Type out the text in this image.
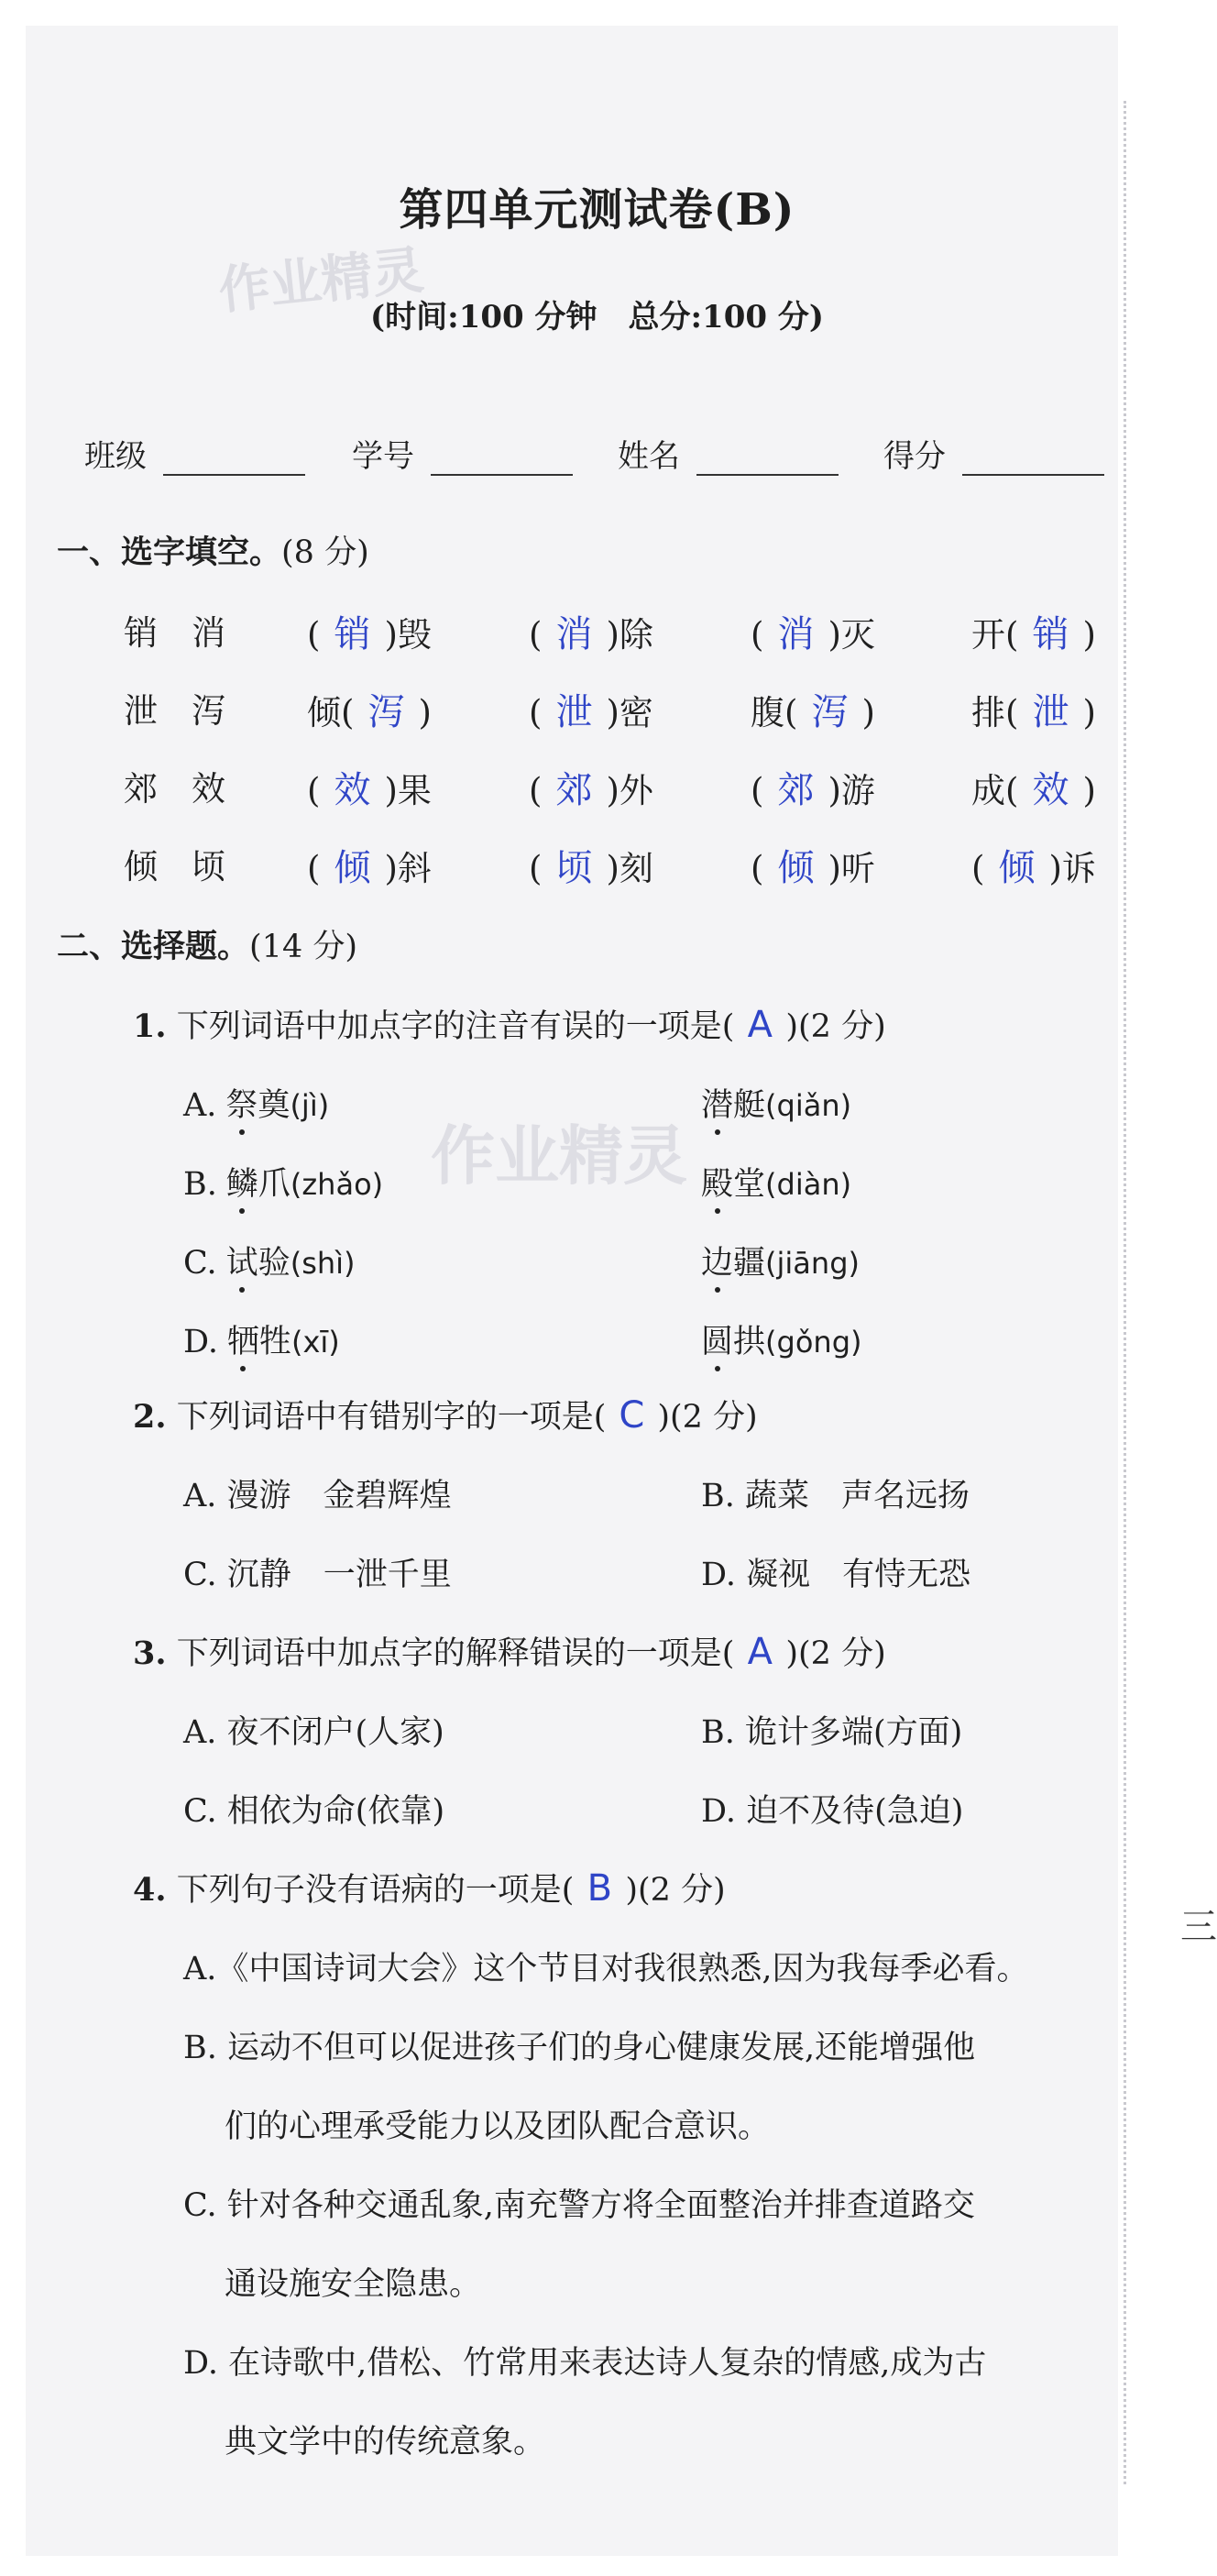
三
作业精灵
作业精灵
第四单元测试卷(B)
(时间:100 分钟　总分:100 分)
班级	学号	姓名	得分
一、选字填空。(8 分)
销　消 ( 销 )毁	( 消 )除	( 消 )灭	开( 销 )
泄　泻 倾( 泻 )	( 泄 )密	腹( 泻 )	排( 泄 )
郊　效 ( 效 )果	( 郊 )外	( 郊 )游	成( 效 )
倾　顷 ( 倾 )斜	( 顷 )刻	( 倾 )听	( 倾 )诉
二、选择题。(14 分)
1. 下列词语中加点字的注音有误的一项是( A )(2 分)
A. 祭奠(jì)	潜艇(qiǎn)
B. 鳞爪(zhǎo)	殿堂(diàn)
C. 试验(shì)	边疆(jiāng)
D. 牺牲(xī)	圆拱(gǒng)
2. 下列词语中有错别字的一项是( C )(2 分)
A. 漫游　金碧辉煌	B. 蔬菜　声名远扬
C. 沉静　一泄千里	D. 凝视　有恃无恐
3. 下列词语中加点字的解释错误的一项是( A )(2 分)
A. 夜不闭户(人家)	B. 诡计多端(方面)
C. 相依为命(依靠)	D. 迫不及待(急迫)
4. 下列句子没有语病的一项是( B )(2 分)
A.《中国诗词大会》这个节目对我很熟悉,因为我每季必看。
B. 运动不但可以促进孩子们的身心健康发展,还能增强他
们的心理承受能力以及团队配合意识。
C. 针对各种交通乱象,南充警方将全面整治并排查道路交
通设施安全隐患。
D. 在诗歌中,借松、竹常用来表达诗人复杂的情感,成为古
典文学中的传统意象。
